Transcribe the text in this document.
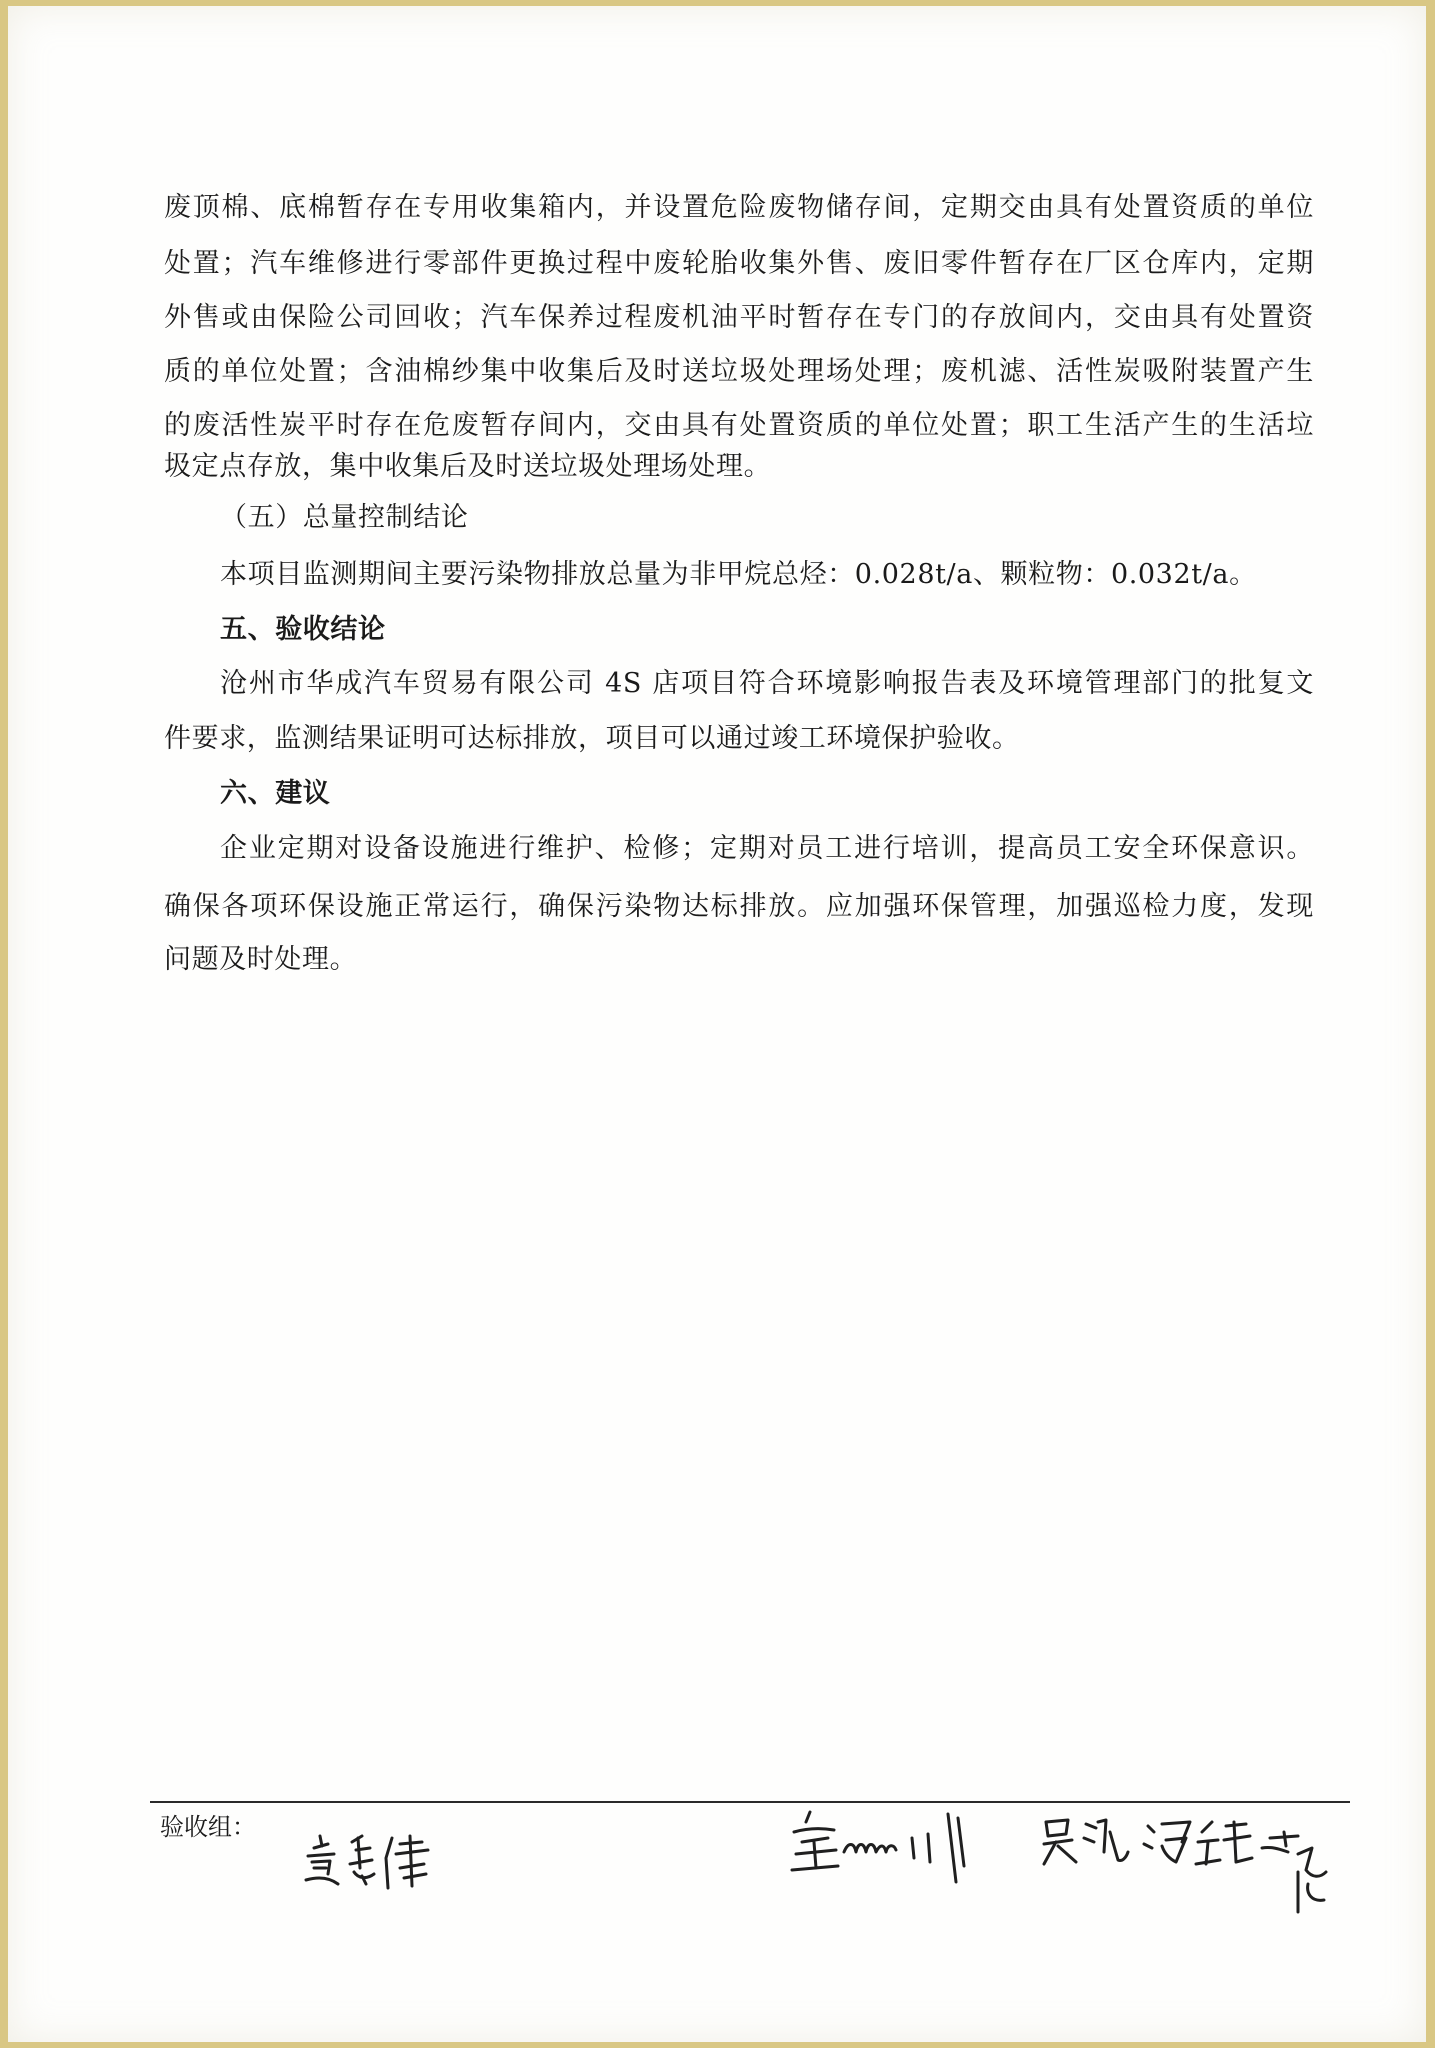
废顶棉、底棉暂存在专用收集箱内，并设置危险废物储存间，定期交由具有处置资质的单位
处置；汽车维修进行零部件更换过程中废轮胎收集外售、废旧零件暂存在厂区仓库内，定期
外售或由保险公司回收；汽车保养过程废机油平时暂存在专门的存放间内，交由具有处置资
质的单位处置；含油棉纱集中收集后及时送垃圾处理场处理；废机滤、活性炭吸附装置产生
的废活性炭平时存在危废暂存间内，交由具有处置资质的单位处置；职工生活产生的生活垃
圾定点存放，集中收集后及时送垃圾处理场处理。
（五）总量控制结论
本项目监测期间主要污染物排放总量为非甲烷总烃：0.028t/a、颗粒物：0.032t/a。
五、验收结论
沧州市华成汽车贸易有限公司 4S 店项目符合环境影响报告表及环境管理部门的批复文
件要求，监测结果证明可达标排放，项目可以通过竣工环境保护验收。
六、建议
企业定期对设备设施进行维护、检修；定期对员工进行培训，提高员工安全环保意识。
确保各项环保设施正常运行，确保污染物达标排放。应加强环保管理，加强巡检力度，发现
问题及时处理。
验收组：
